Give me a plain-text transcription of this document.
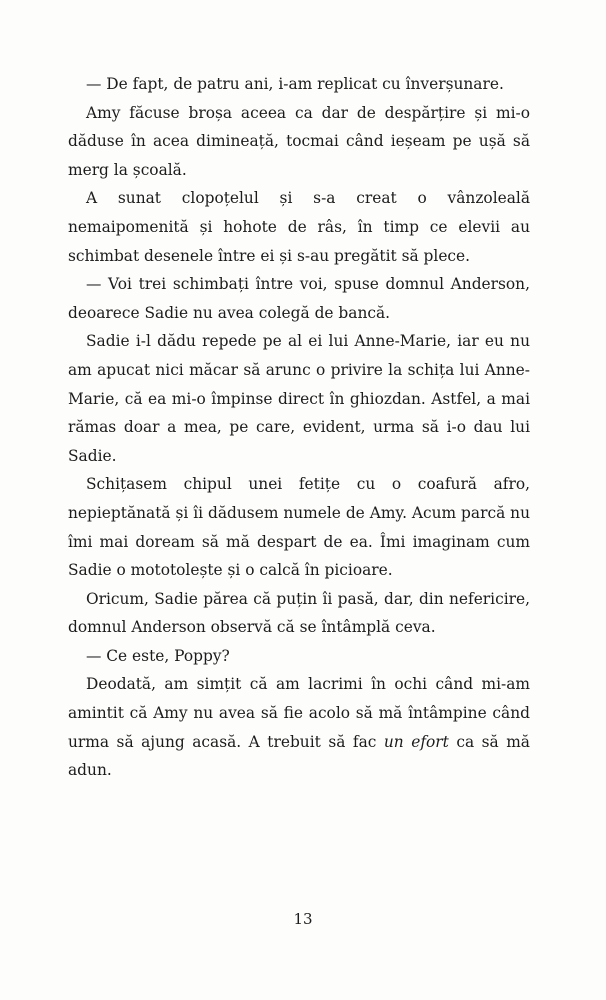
— De fapt, de patru ani, i-am replicat cu înverșunare.

Amy făcuse broșa aceea ca dar de despărțire și mi-o dăduse în acea dimineață, tocmai când ieșeam pe ușă să merg la școală.

A sunat clopoțelul și s-a creat o vânzoleală nemaipomenită și hohote de râs, în timp ce elevii au schimbat desenele între ei și s-au pregătit să plece.

— Voi trei schimbați între voi, spuse domnul Anderson, deoarece Sadie nu avea colegă de bancă.

Sadie i-l dădu repede pe al ei lui Anne-Marie, iar eu nu am apucat nici măcar să arunc o privire la schița lui Anne-Marie, că ea mi-o împinse direct în ghiozdan. Astfel, a mai rămas doar a mea, pe care, evident, urma să i-o dau lui Sadie.

Schițasem chipul unei fetițe cu o coafură afro, nepieptănată și îi dădusem numele de Amy. Acum parcă nu îmi mai doream să mă despart de ea. Îmi imaginam cum Sadie o mototolește și o calcă în picioare.

Oricum, Sadie părea că puțin îi pasă, dar, din nefericire, domnul Anderson observă că se întâmplă ceva.

— Ce este, Poppy?

Deodată, am simțit că am lacrimi în ochi când mi-am amintit că Amy nu avea să fie acolo să mă întâmpine când urma să ajung acasă. A trebuit să fac un efort ca să mă adun.

13
